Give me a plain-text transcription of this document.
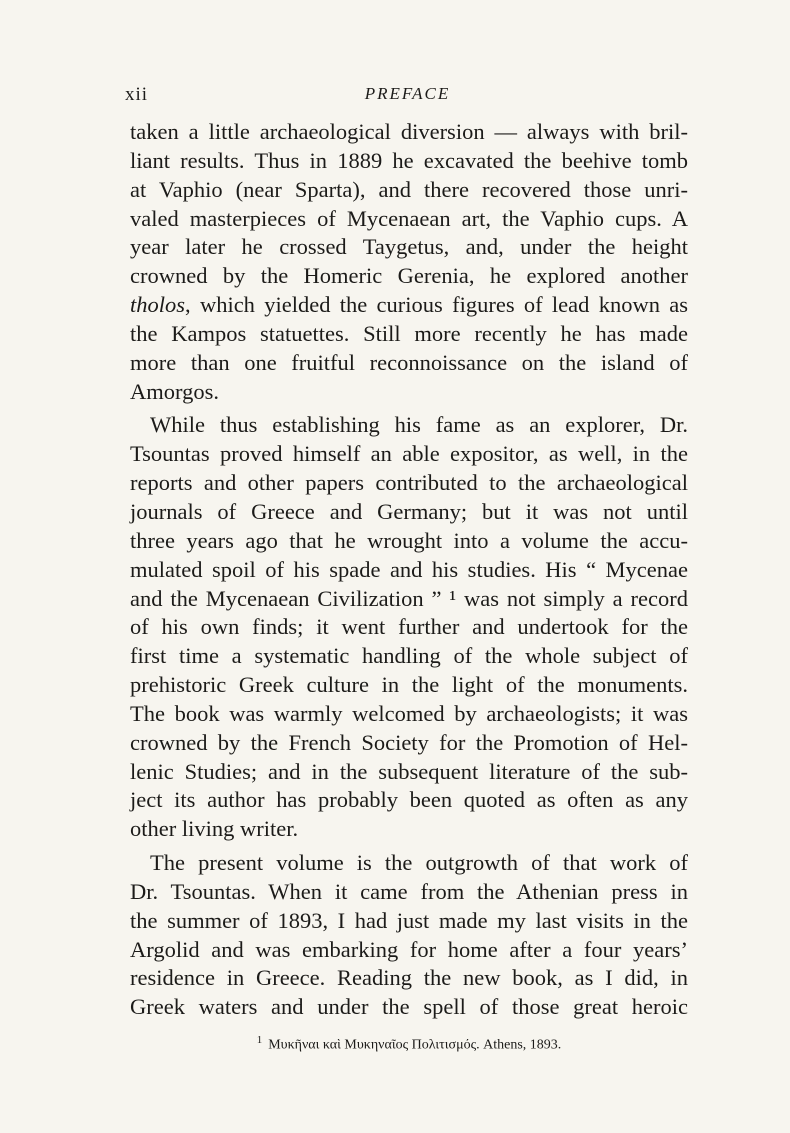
xii	PREFACE
taken a little archaeological diversion — always with bril-
liant results. Thus in 1889 he excavated the beehive tomb
at Vaphio (near Sparta), and there recovered those unri-
valed masterpieces of Mycenaean art, the Vaphio cups. A
year later he crossed Taygetus, and, under the height
crowned by the Homeric Gerenia, he explored another
tholos, which yielded the curious figures of lead known as
the Kampos statuettes. Still more recently he has made
more than one fruitful reconnoissance on the island of
Amorgos.
While thus establishing his fame as an explorer, Dr.
Tsountas proved himself an able expositor, as well, in the
reports and other papers contributed to the archaeological
journals of Greece and Germany; but it was not until
three years ago that he wrought into a volume the accu-
mulated spoil of his spade and his studies. His “ Mycenae
and the Mycenaean Civilization ” ¹ was not simply a record
of his own finds; it went further and undertook for the
first time a systematic handling of the whole subject of
prehistoric Greek culture in the light of the monuments.
The book was warmly welcomed by archaeologists; it was
crowned by the French Society for the Promotion of Hel-
lenic Studies; and in the subsequent literature of the sub-
ject its author has probably been quoted as often as any
other living writer.
The present volume is the outgrowth of that work of
Dr. Tsountas. When it came from the Athenian press in
the summer of 1893, I had just made my last visits in the
Argolid and was embarking for home after a four years’
residence in Greece. Reading the new book, as I did, in
Greek waters and under the spell of those great heroic
$^1$ Μυκῆναι καὶ Μυκηναῖος Πολιτισμός. Athens, 1893.
